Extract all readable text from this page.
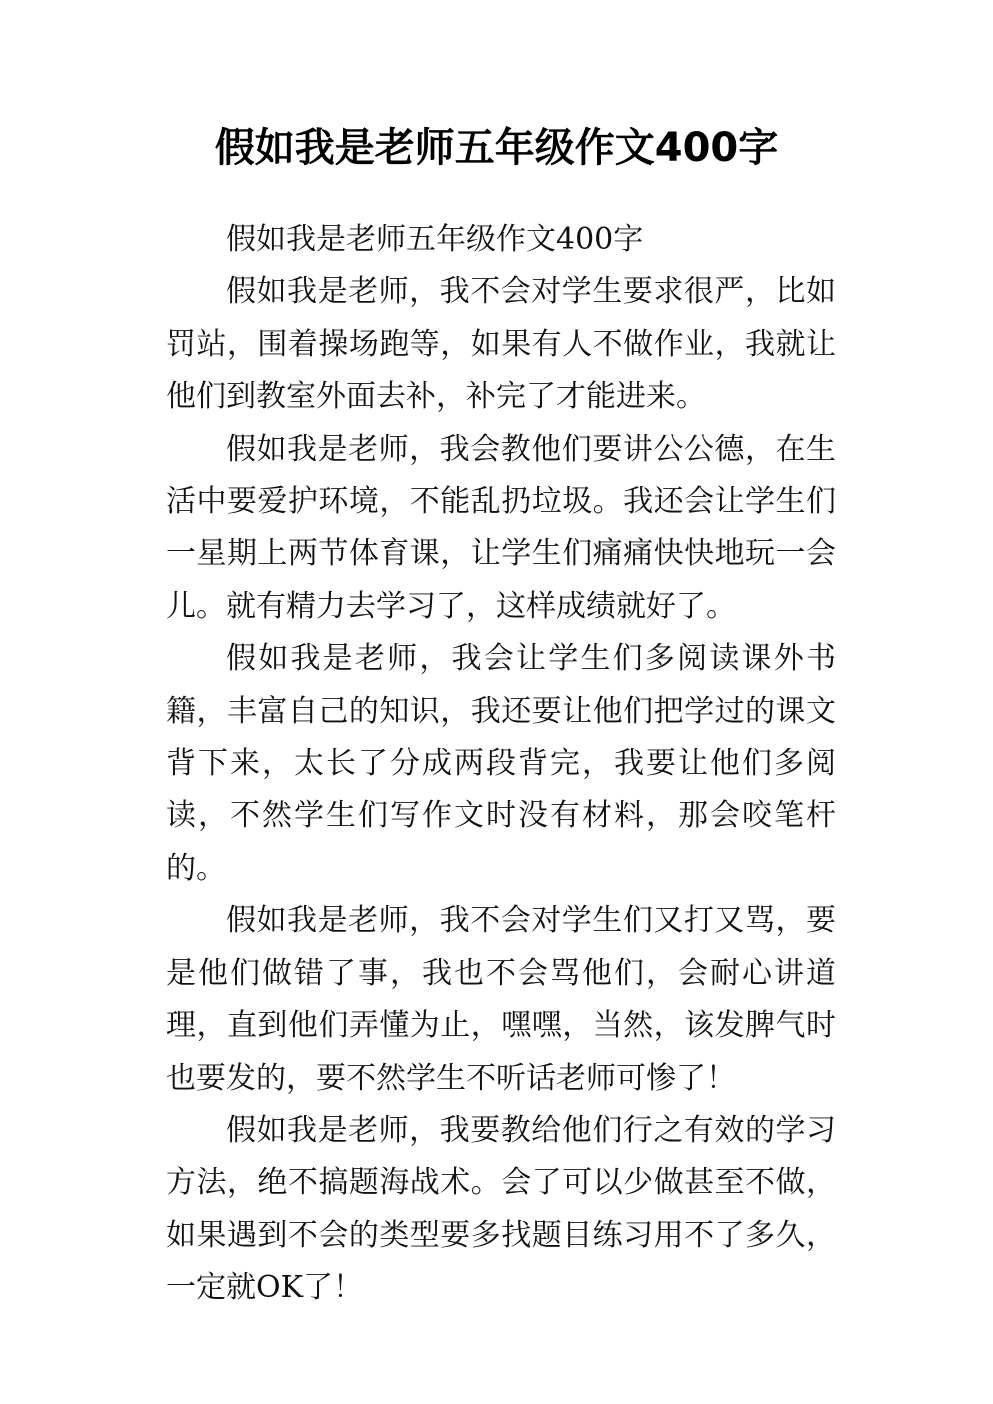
假如我是老师五年级作文400字

假如我是老师五年级作文400字

假如我是老师，我不会对学生要求很严，比如罚站，围着操场跑等，如果有人不做作业，我就让他们到教室外面去补，补完了才能进来。

假如我是老师，我会教他们要讲公公德，在生活中要爱护环境，不能乱扔垃圾。我还会让学生们一星期上两节体育课，让学生们痛痛快快地玩一会儿。就有精力去学习了，这样成绩就好了。

假如我是老师，我会让学生们多阅读课外书籍，丰富自己的知识，我还要让他们把学过的课文背下来，太长了分成两段背完，我要让他们多阅读，不然学生们写作文时没有材料，那会咬笔杆的。

假如我是老师，我不会对学生们又打又骂，要是他们做错了事，我也不会骂他们，会耐心讲道理，直到他们弄懂为止，嘿嘿，当然，该发脾气时也要发的，要不然学生不听话老师可惨了！

假如我是老师，我要教给他们行之有效的学习方法，绝不搞题海战术。会了可以少做甚至不做，如果遇到不会的类型要多找题目练习用不了多久，一定就OK了！
